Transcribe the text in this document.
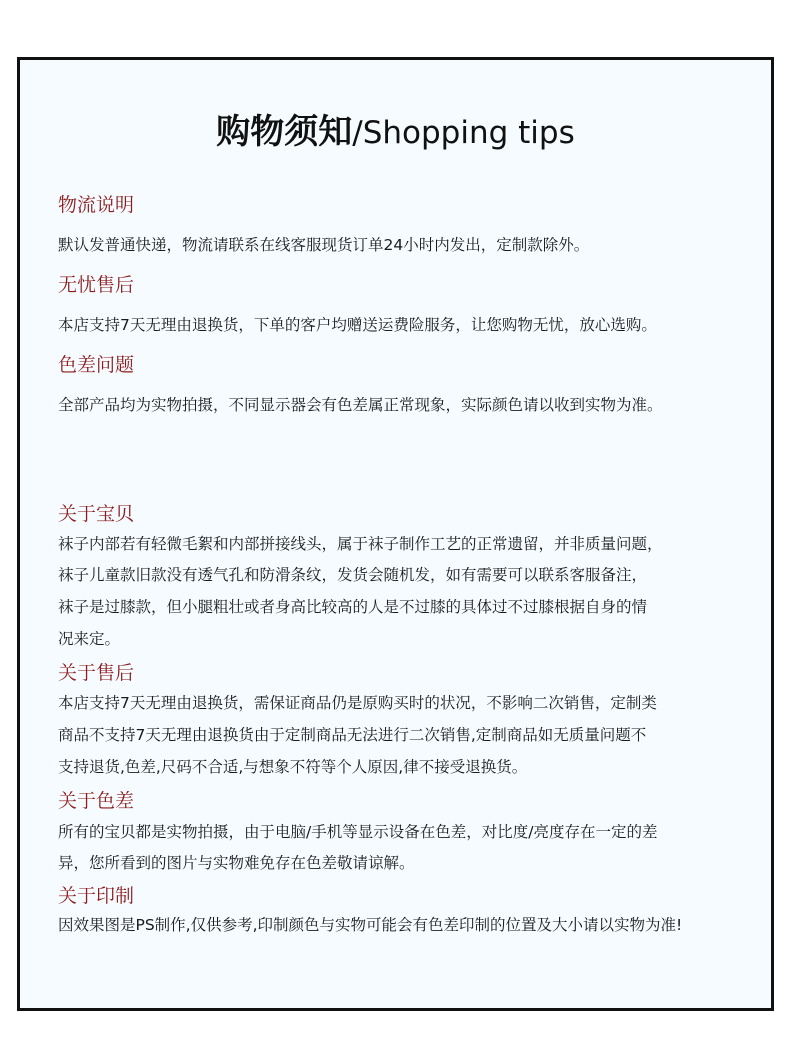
购物须知/Shopping tips
物流说明
默认发普通快递，物流请联系在线客服现货订单24小时内发出，定制款除外。
无忧售后
本店支持7天无理由退换货，下单的客户均赠送运费险服务，让您购物无忧，放心选购。
色差问题
全部产品均为实物拍摄，不同显示器会有色差属正常现象，实际颜色请以收到实物为准。
关于宝贝
袜子内部若有轻微毛絮和内部拼接线头，属于袜子制作工艺的正常遗留，并非质量问题，
袜子儿童款旧款没有透气孔和防滑条纹，发货会随机发，如有需要可以联系客服备注，
袜子是过膝款，但小腿粗壮或者身高比较高的人是不过膝的具体过不过膝根据自身的情
况来定。
关于售后
本店支持7天无理由退换货，需保证商品仍是原购买时的状况，不影响二次销售，定制类
商品不支持7天无理由退换货由于定制商品无法进行二次销售,定制商品如无质量问题不
支持退货,色差,尺码不合适,与想象不符等个人原因,律不接受退换货。
关于色差
所有的宝贝都是实物拍摄，由于电脑/手机等显示设备在色差，对比度/亮度存在一定的差
异，您所看到的图片与实物难免存在色差敬请谅解。
关于印制
因效果图是PS制作,仅供参考,印制颜色与实物可能会有色差印制的位置及大小请以实物为准!
